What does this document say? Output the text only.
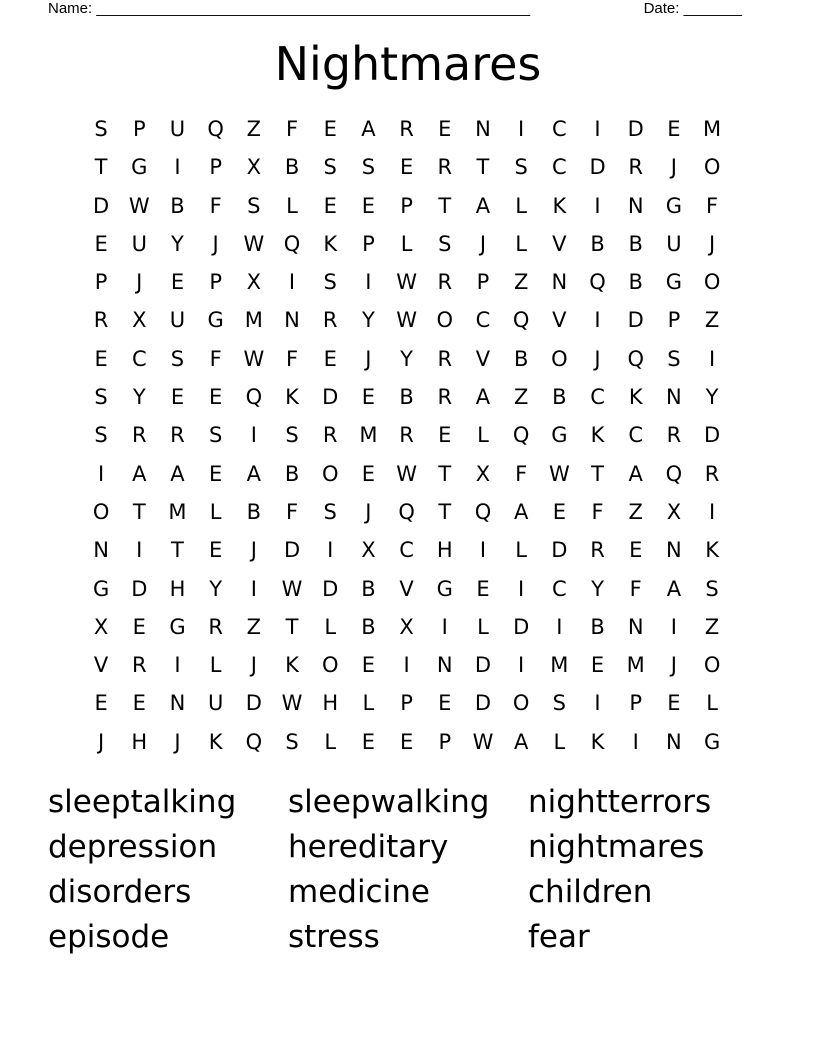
Name: ____________________________________________________	Date: _______
Nightmares
S	P	U	Q	Z	F	E	A	R	E	N	I	C	I	D	E	M
T	G	I	P	X	B	S	S	E	R	T	S	C	D	R	J	O
D W B	F	S	L	E	E	P	T	A	L	K	I	N	G	F
E	U	Y	J	W Q	K	P	L	S	J	L	V	B	B	U	J
P	J	E	P	X	I	S	I	W R	P	Z	N	Q	B	G	O
R	X	U	G M	N	R	Y	W O	C	Q	V	I	D	P	Z
E	C	S	F	W	F	E	J	Y	R	V	B	O	J	Q	S	I
S	Y	E	E	Q	K	D	E	B	R	A	Z	B	C	K	N	Y
S	R	R	S	I	S	R	M	R	E	L	Q	G	K	C	R	D
I	A	A	E	A	B	O	E	W	T	X	F	W	T	A	Q	R
O	T	M	L	B	F	S	J	Q	T	Q	A	E	F	Z	X	I
N	I	T	E	J	D	I	X	C	H	I	L	D	R	E	N	K
G	D	H	Y	I	W D	B	V	G	E	I	C	Y	F	A	S
X	E	G	R	Z	T	L	B	X	I	L	D	I	B	N	I	Z
V	R	I	L	J	K	O	E	I	N	D	I	M	E	M	J	O
E	E	N	U	D W H	L	P	E	D	O	S	I	P	E	L
J	H	J	K	Q	S	L	E	E	P	W A	L	K	I	N	G
sleeptalking	sleepwalking	nightterrors
depression	hereditary	nightmares
disorders	medicine	children
episode	stress	fear
